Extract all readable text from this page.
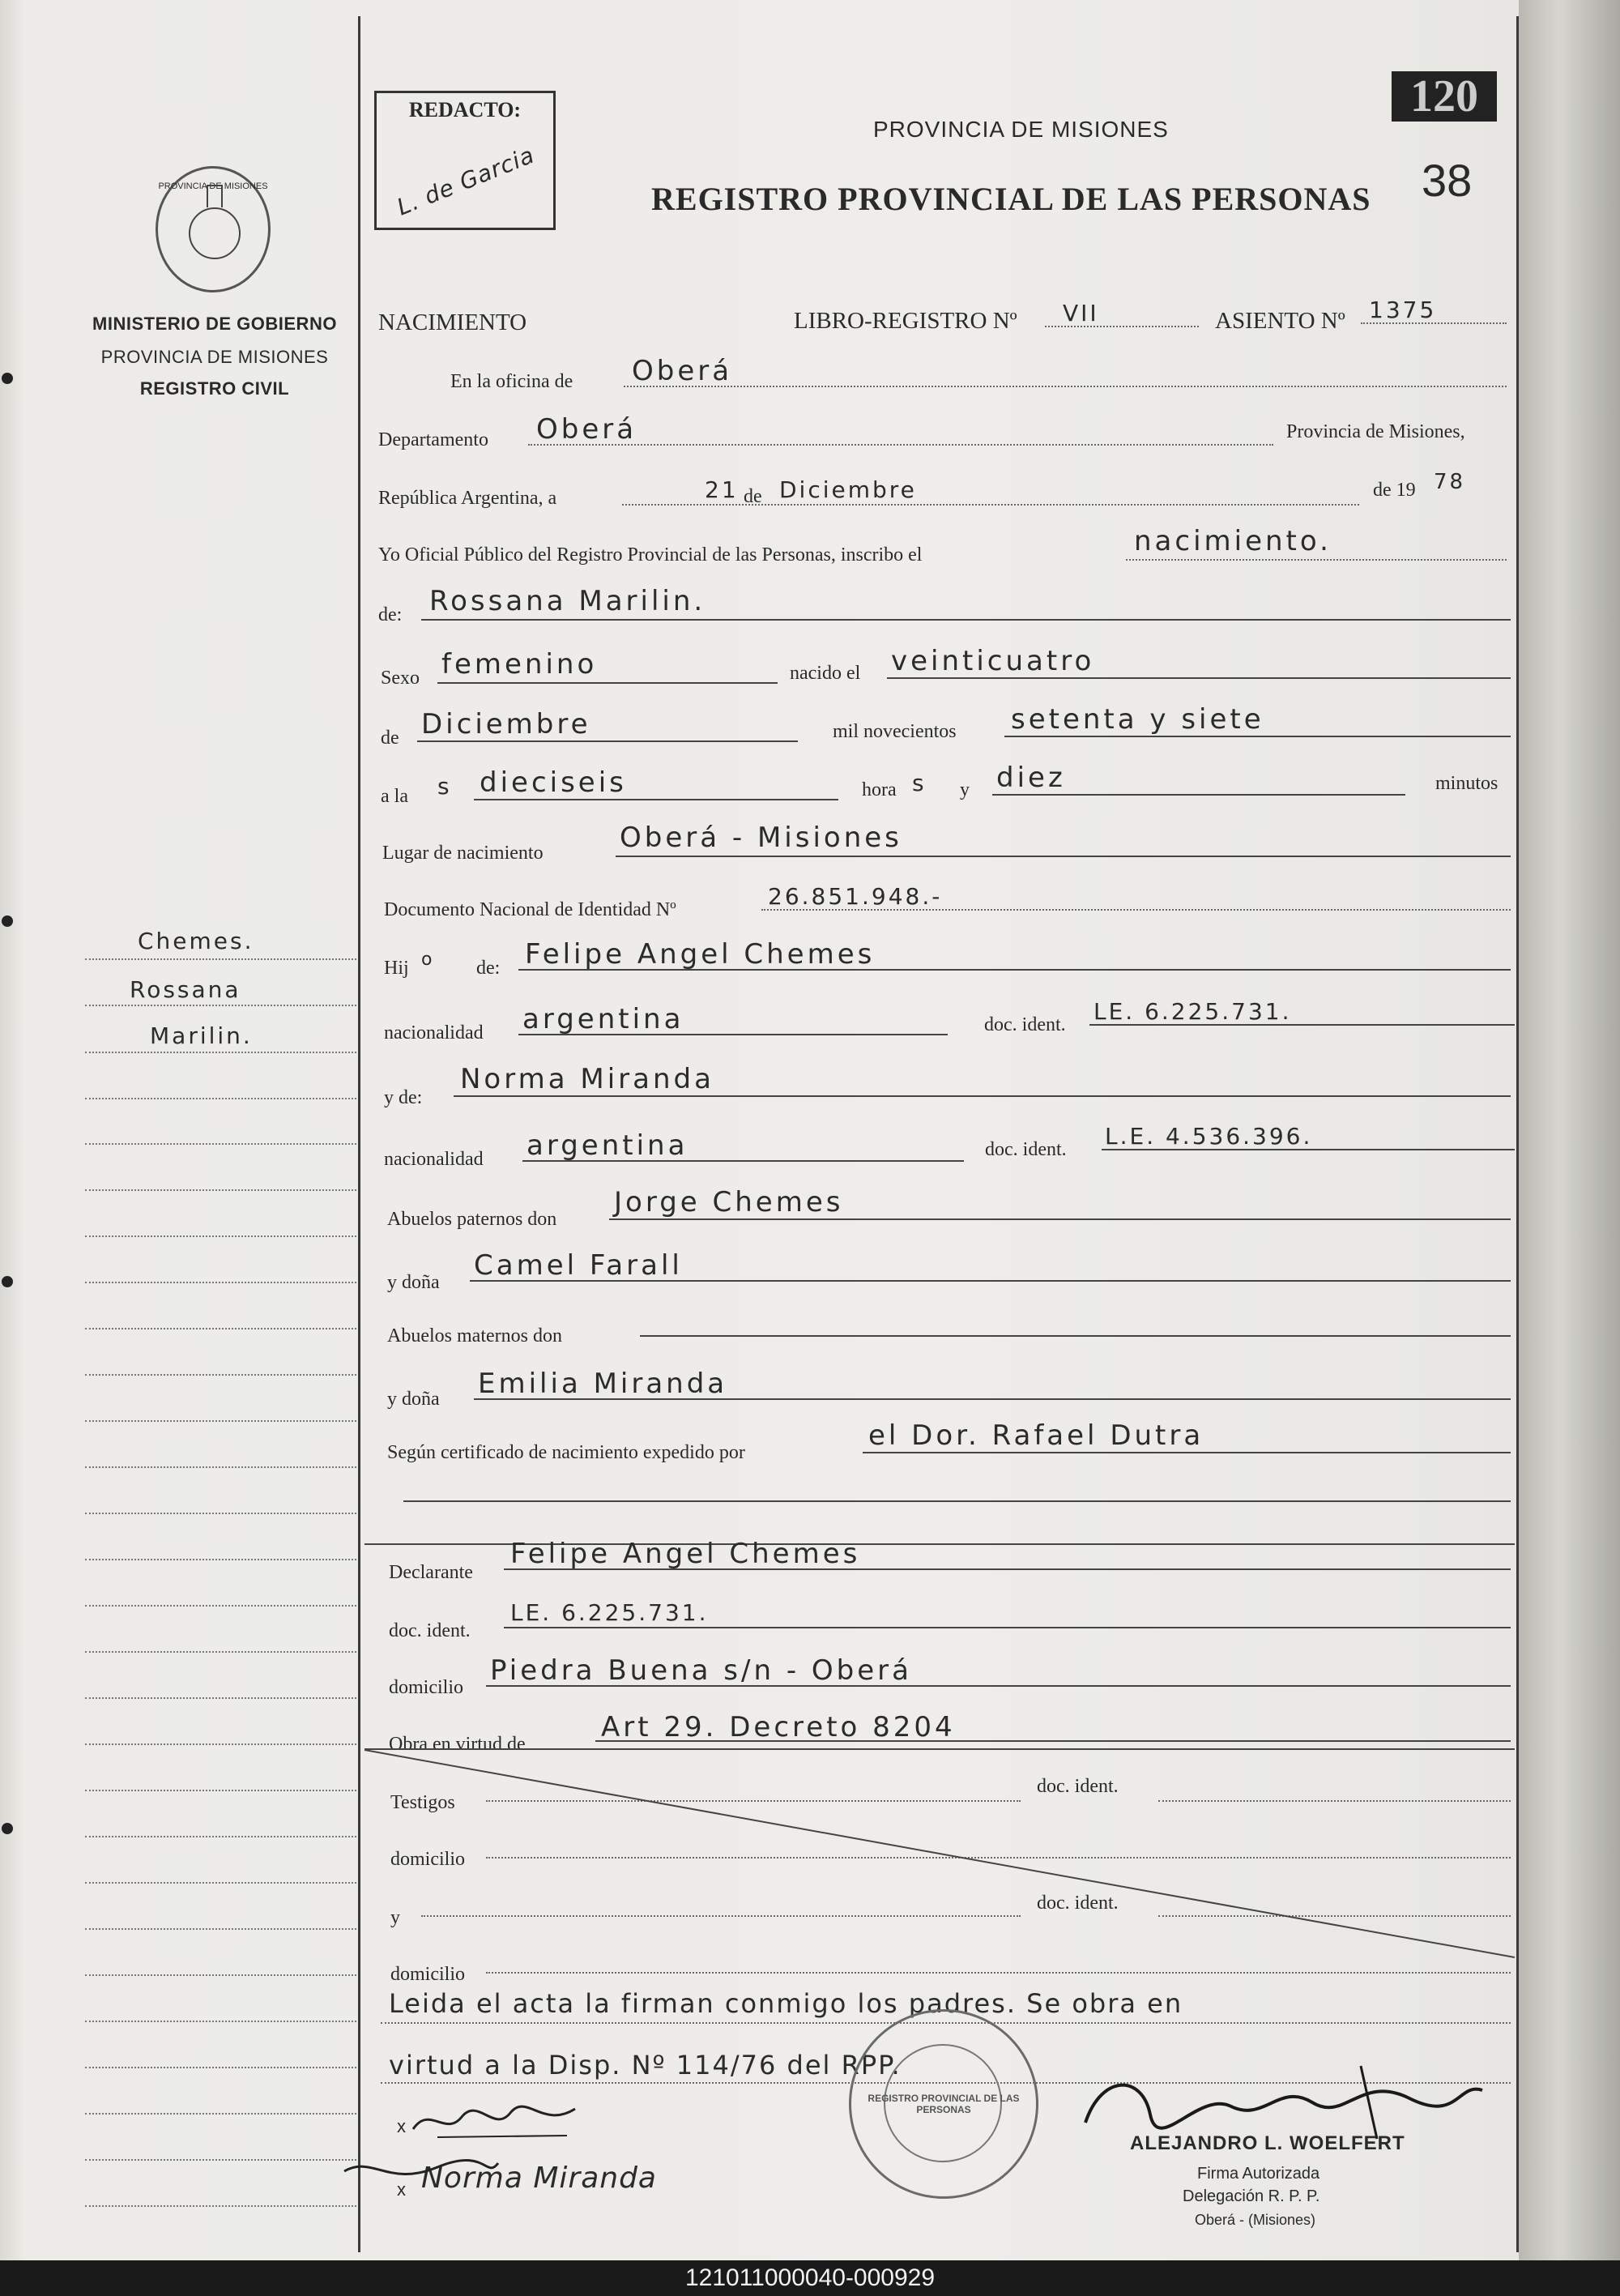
PROVINCIA DE MISIONES
MINISTERIO DE GOBIERNO
PROVINCIA DE MISIONES
REGISTRO CIVIL
Chemes.
Rossana
Marilin.
REDACTO:
L. de Garcia
PROVINCIA DE MISIONES
REGISTRO PROVINCIAL DE LAS PERSONAS 38
120
NACIMIENTO	LIBRO-REGISTRO Nº VII	ASIENTO Nº 1375
En la oficina de Oberá
Departamento Oberá	Provincia de Misiones,
República Argentina, a	21 de Diciembre	de 19 78
Yo Oficial Público del Registro Provincial de las Personas, inscribo el	nacimiento.
de: Rossana Marilin.
Sexo femenino	nacido el veinticuatro
de Diciembre	mil novecientos setenta y siete
a la s dieciseis	hora s y diez	minutos
Lugar de nacimiento	Oberá - Misiones
Documento Nacional de Identidad Nº	26.851.948.-
Hij o de: Felipe Angel Chemes
nacionalidad argentina	doc. ident. LE. 6.225.731.
y de:
Norma Miranda
nacionalidad argentina	doc. ident. L.E. 4.536.396.
Abuelos paternos don
Jorge Chemes
y doña
Camel Farall
Abuelos maternos don
y doña Emilia Miranda
Según certificado de nacimiento expedido por
el Dor. Rafael Dutra
Declarante
Felipe Angel Chemes
doc. ident.
LE. 6.225.731.
domicilio
Piedra Buena s/n - Oberá
Obra en virtud de
Art 29. Decreto 8204
Testigos
doc. ident.
domicilio
y
doc. ident.
domicilio
Leida el acta la firman conmigo los padres. Se obra en
virtud a la Disp. Nº 114/76 del RPP.
REGISTRO PROVINCIAL DE LAS PERSONAS
x
x Norma Miranda
ALEJANDRO L. WOELFERT
Firma Autorizada
Delegación R. P. P.
Oberá - (Misiones)
121011000040-000929
